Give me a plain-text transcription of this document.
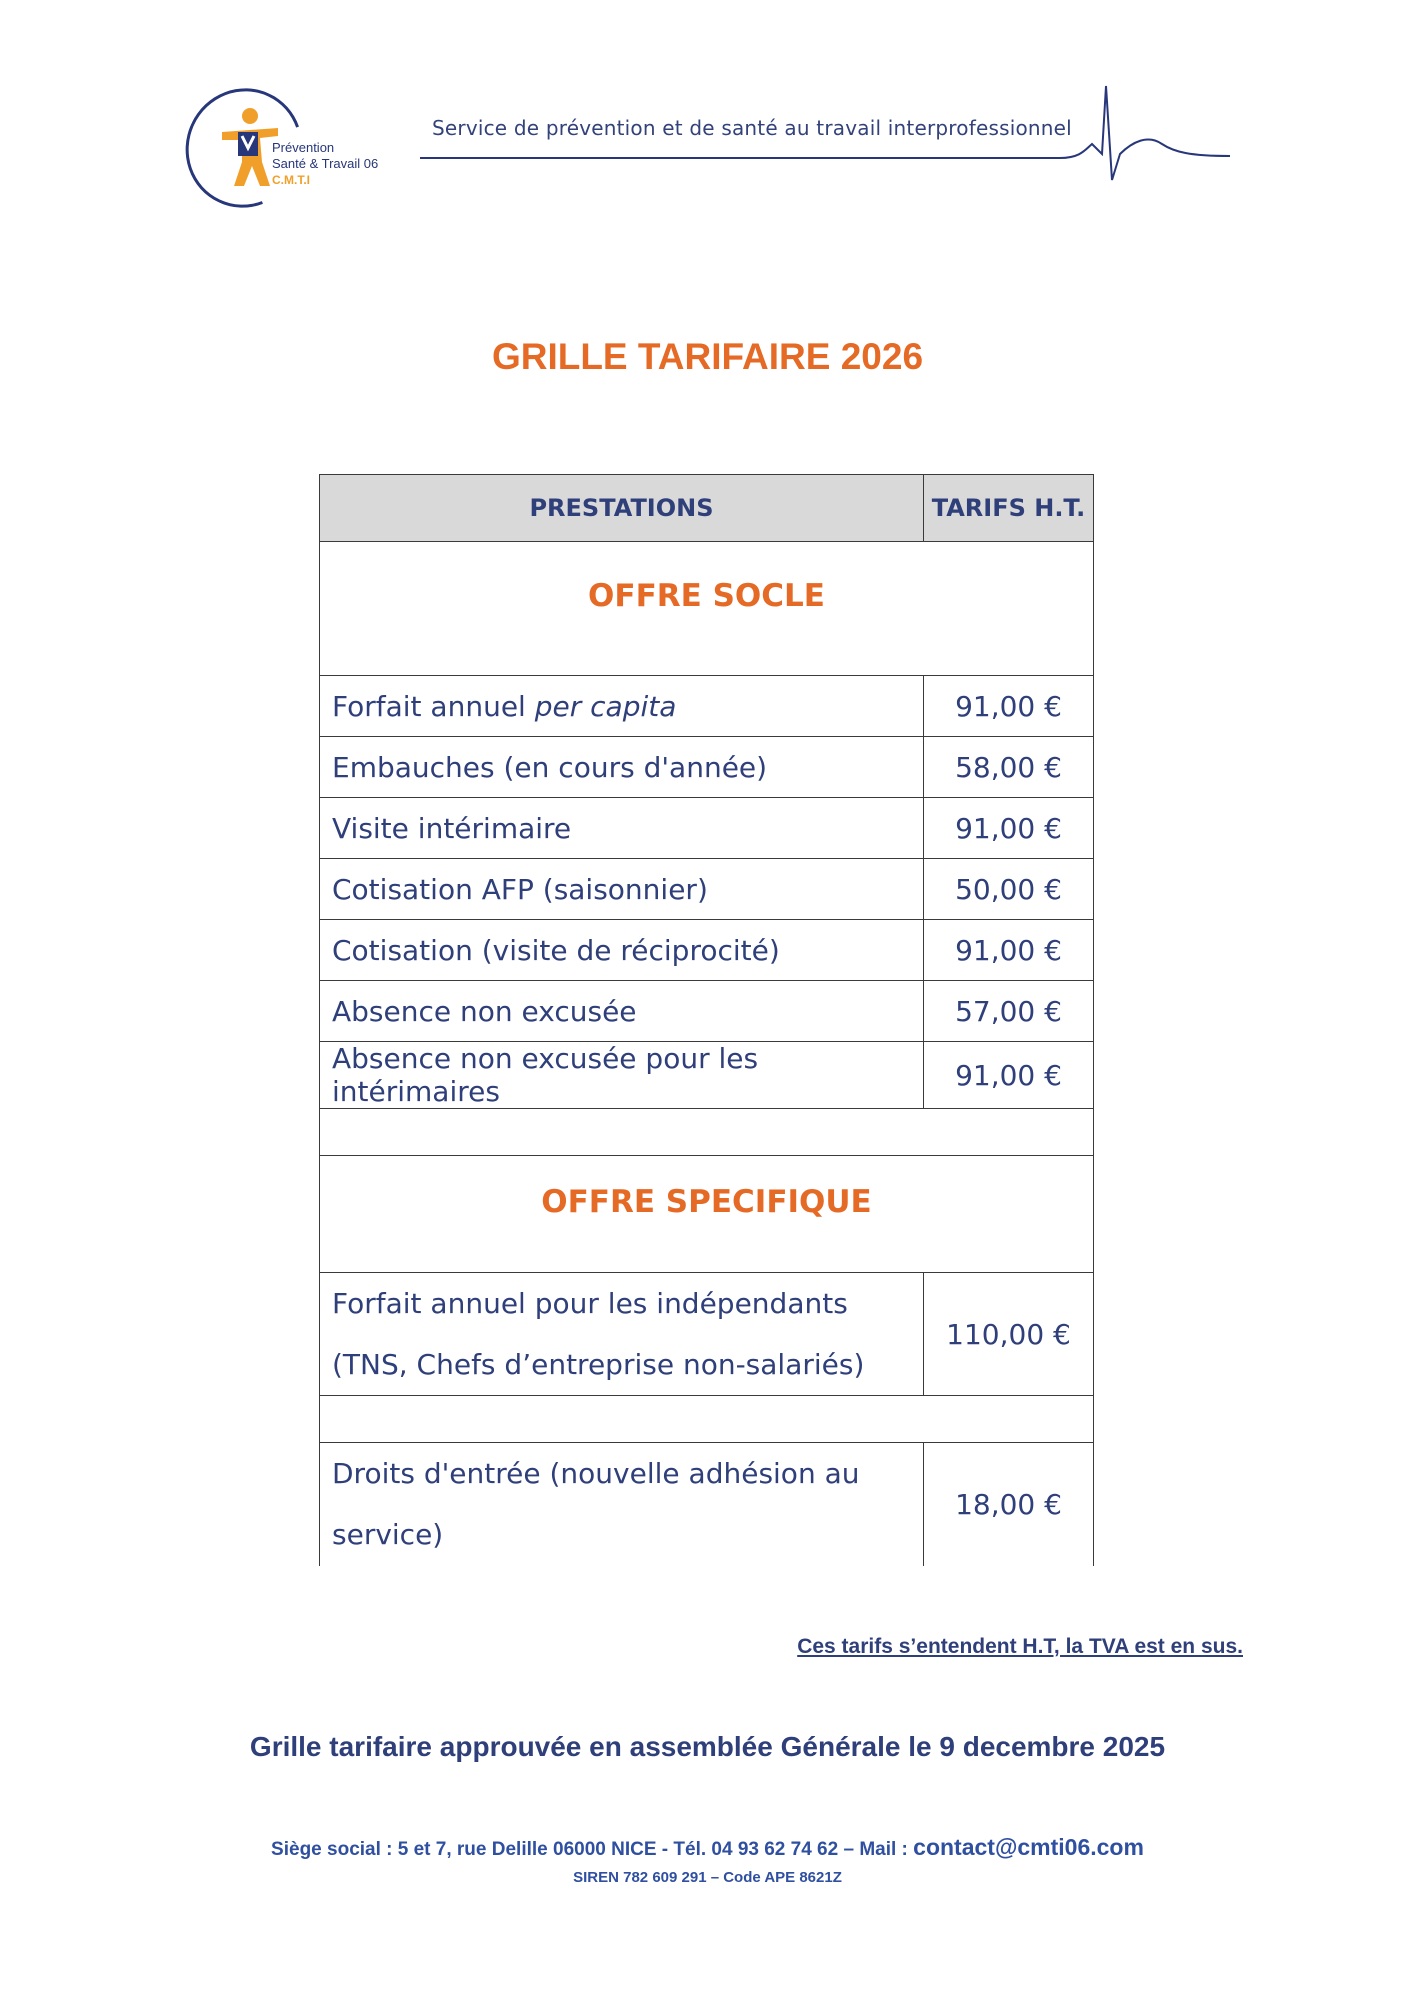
Prévention
Santé & Travail 06
C.M.T.I
Service de prévention et de santé au travail interprofessionnel
GRILLE TARIFAIRE 2026
PRESTATIONS	TARIFS H.T.

OFFRE SOCLE	

Forfait annuel per capita	91,00 €
Embauches (en cours d'année)	58,00 €
Visite intérimaire	91,00 €
Cotisation AFP (saisonnier)	50,00 €
Cotisation (visite de réciprocité)	91,00 €
Absence non excusée	57,00 €
Absence non excusée pour les intérimaires	91,00 €

OFFRE SPECIFIQUE	

Forfait annuel pour les indépendants
(TNS, Chefs d’entreprise non-salariés)	110,00 €

Droits d'entrée (nouvelle adhésion au
service)	18,00 €
Ces tarifs s’entendent H.T, la TVA est en sus.
Grille tarifaire approuvée en assemblée Générale le 9 decembre 2025
Siège social : 5 et 7, rue Delille 06000 NICE - Tél. 04 93 62 74 62 – Mail : contact@cmti06.com
SIREN 782 609 291 – Code APE 8621Z
